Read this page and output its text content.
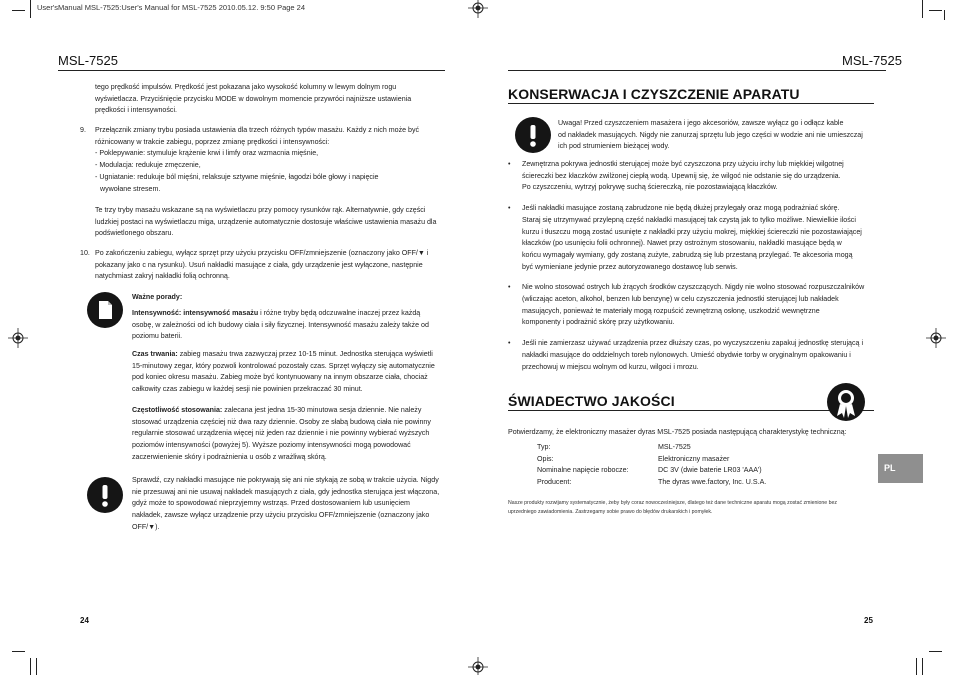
User'sManual MSL-7525:User's Manual for MSL-7525 2010.05.12. 9:50 Page 24
MSL-7525
tego prędkość impulsów. Prędkość jest pokazana jako wysokość kolumny w lewym dolnym rogu
wyświetlacza. Przyciśnięcie przycisku MODE w dowolnym momencie przywróci najniższe ustawienia
prędkości i intensywności.
9. Przełącznik zmiany trybu posiada ustawienia dla trzech różnych typów masażu. Każdy z nich może być
różnicowany w trakcie zabiegu, poprzez zmianę prędkości i intensywności:
- Poklepywanie: stymuluje krążenie krwi i limfy oraz wzmacnia mięśnie,
- Modulacja: redukuje zmęczenie,
- Ugniatanie: redukuje ból mięśni, relaksuje sztywne mięśnie, łagodzi bóle głowy i napięcie
wywołane stresem.
Te trzy tryby masażu wskazane są na wyświetlaczu przy pomocy rysunków rąk. Alternatywnie, gdy części
ludzkiej postaci na wyświetlaczu miga, urządzenie automatycznie dostosuje właściwe ustawienia masażu dla
podświetlonego obszaru.
10. Po zakończeniu zabiegu, wyłącz sprzęt przy użyciu przycisku OFF/zmniejszenie (oznaczony jako OFF/▼ i
pokazany jako c na rysunku). Usuń nakładki masujące z ciała, gdy urządzenie jest wyłączone, następnie
natychmiast zakryj nakładki folią ochronną.
Ważne porady:
Intensywność: intensywność masażu i różne tryby będą odczuwalne inaczej przez każdą
osobę, w zależności od ich budowy ciała i siły fizycznej. Intensywność masażu zależy także od
poziomu baterii.
Czas trwania: zabieg masażu trwa zazwyczaj przez 10-15 minut. Jednostka sterująca wyświetli
15-minutowy zegar, który pozwoli kontrolować pozostały czas. Sprzęt wyłączy się automatycznie
pod koniec okresu masażu. Zabieg może być kontynuowany na innym obszarze ciała, chociaż
całkowity czas zabiegu w każdej sesji nie powinien przekraczać 30 minut.
Częstotliwość stosowania: zalecana jest jedna 15-30 minutowa sesja dziennie. Nie należy
stosować urządzenia częściej niż dwa razy dziennie. Osoby ze słabą budową ciała nie powinny
regularnie stosować urządzenia więcej niż jeden raz dziennie i nie powinny wybierać wyższych
poziomów intensywności (powyżej 5). Wyższe poziomy intensywności mogą powodować
zaczerwienienie skóry i podrażnienia u osób z wrażliwą skórą.
Sprawdź, czy nakładki masujące nie pokrywają się ani nie stykają ze sobą w trakcie użycia. Nigdy
nie przesuwaj ani nie usuwaj nakładek masujących z ciała, gdy jednostka sterująca jest włączona,
gdyż może to spowodować nieprzyjemny wstrząs. Przed dostosowaniem lub usunięciem
nakładek, zawsze wyłącz urządzenie przy użyciu przycisku OFF/zmniejszenie (oznaczony jako
OFF/▼).
24
MSL-7525
KONSERWACJA I CZYSZCZENIE APARATU
Uwaga! Przed czyszczeniem masażera i jego akcesoriów, zawsze wyłącz go i odłącz kable
od nakładek masujących. Nigdy nie zanurzaj sprzętu lub jego części w wodzie ani nie umieszczaj
ich pod strumieniem bieżącej wody.
• Zewnętrzna pokrywa jednostki sterującej może być czyszczona przy użyciu irchy lub miękkiej wilgotnej
ściereczki bez kłaczków zwilżonej ciepłą wodą. Upewnij się, że wilgoć nie odstanie się do urządzenia.
Po czyszczeniu, wytrzyj pokrywę suchą ściereczką, nie pozostawiającą kłaczków.
• Jeśli nakładki masujące zostaną zabrudzone nie będą dłużej przylegały oraz mogą podrażniać skórę.
Staraj się utrzymywać przylepną część nakładki masującej tak czystą jak to tylko możliwe. Niewielkie ilości
kurzu i tłuszczu mogą zostać usunięte z nakładki przy użyciu mokrej, miękkiej ściereczki nie pozostawiającej
kłaczków (po usunięciu folii ochronnej). Nawet przy ostrożnym stosowaniu, nakładki masujące będą w
końcu wymagały wymiany, gdy zostaną zużyte, zabrudzą się lub przestaną przylegać. Te akcesoria mogą
być wymieniane jedynie przez autoryzowanego dostawcę lub serwis.
• Nie wolno stosować ostrych lub żrących środków czyszczących. Nigdy nie wolno stosować rozpuszczalników
(wliczając aceton, alkohol, benzen lub benzynę) w celu czyszczenia jednostki sterującej lub nakładek
masujących, ponieważ te materiały mogą rozpuścić zewnętrzną osłonę, uszkodzić wewnętrzne
komponenty i podrażnić skórę przy użytkowaniu.
• Jeśli nie zamierzasz używać urządzenia przez dłuższy czas, po wyczyszczeniu zapakuj jednostkę sterującą i
nakładki masujące do oddzielnych toreb nylonowych. Umieść obydwie torby w oryginalnym opakowaniu i
przechowuj w miejscu wolnym od kurzu, wilgoci i mrozu.
ŚWIADECTWO JAKOŚCI
Potwierdzamy, że elektroniczny masażer dyras MSL-7525 posiada następującą charakterystykę techniczną:
Typ:	MSL-7525
Opis:	Elektroniczny masażer
Nominalne napięcie robocze:	DC 3V (dwie baterie LR03 'AAA')
Producent:	The dyras wwe.factory, Inc. U.S.A.
Nasze produkty rozwijamy systematycznie, żeby były coraz nowocześniejsze, dlatego też dane techniczne aparatu mogą zostać zmienione bez
uprzedniego zawiadomienia. Zastrzegamy sobie prawo do błędów drukarskich i pomyłek.
PL
25
